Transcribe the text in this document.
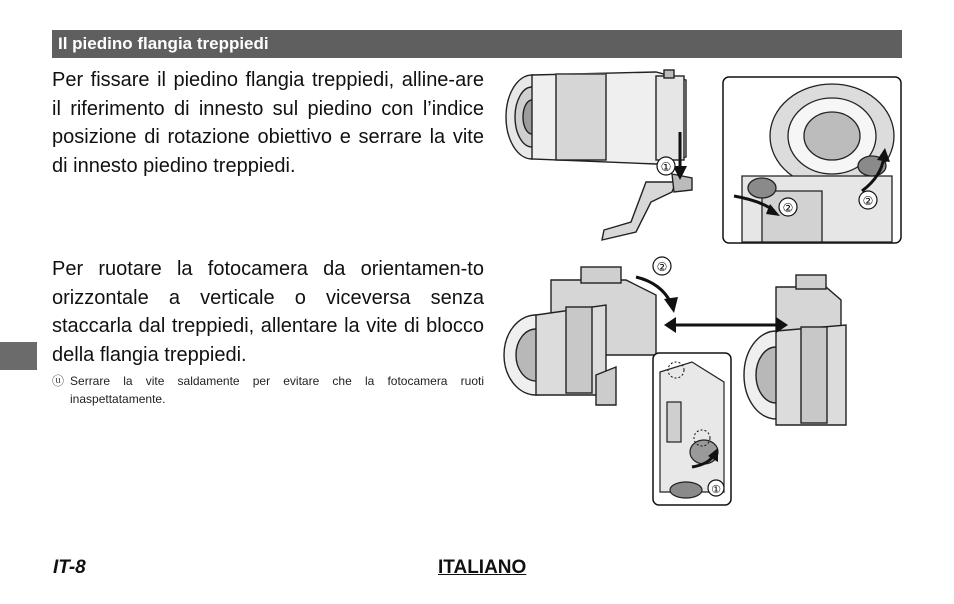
Il piedino flangia treppiedi

Per fissare il piedino flangia treppiedi, alline-are il riferimento di innesto sul piedino con l’indice posizione di rotazione obiettivo e serrare la vite di innesto piedino treppiedi.

Per ruotare la fotocamera da orientamen-to orizzontale a verticale o viceversa senza staccarla dal treppiedi, allentare la vite di blocco della flangia treppiedi.

ⓤ Serrare la vite saldamente per evitare che la fotocamera ruoti inaspettatamente.
①
②	②
②
①
IT-8	ITALIANO
